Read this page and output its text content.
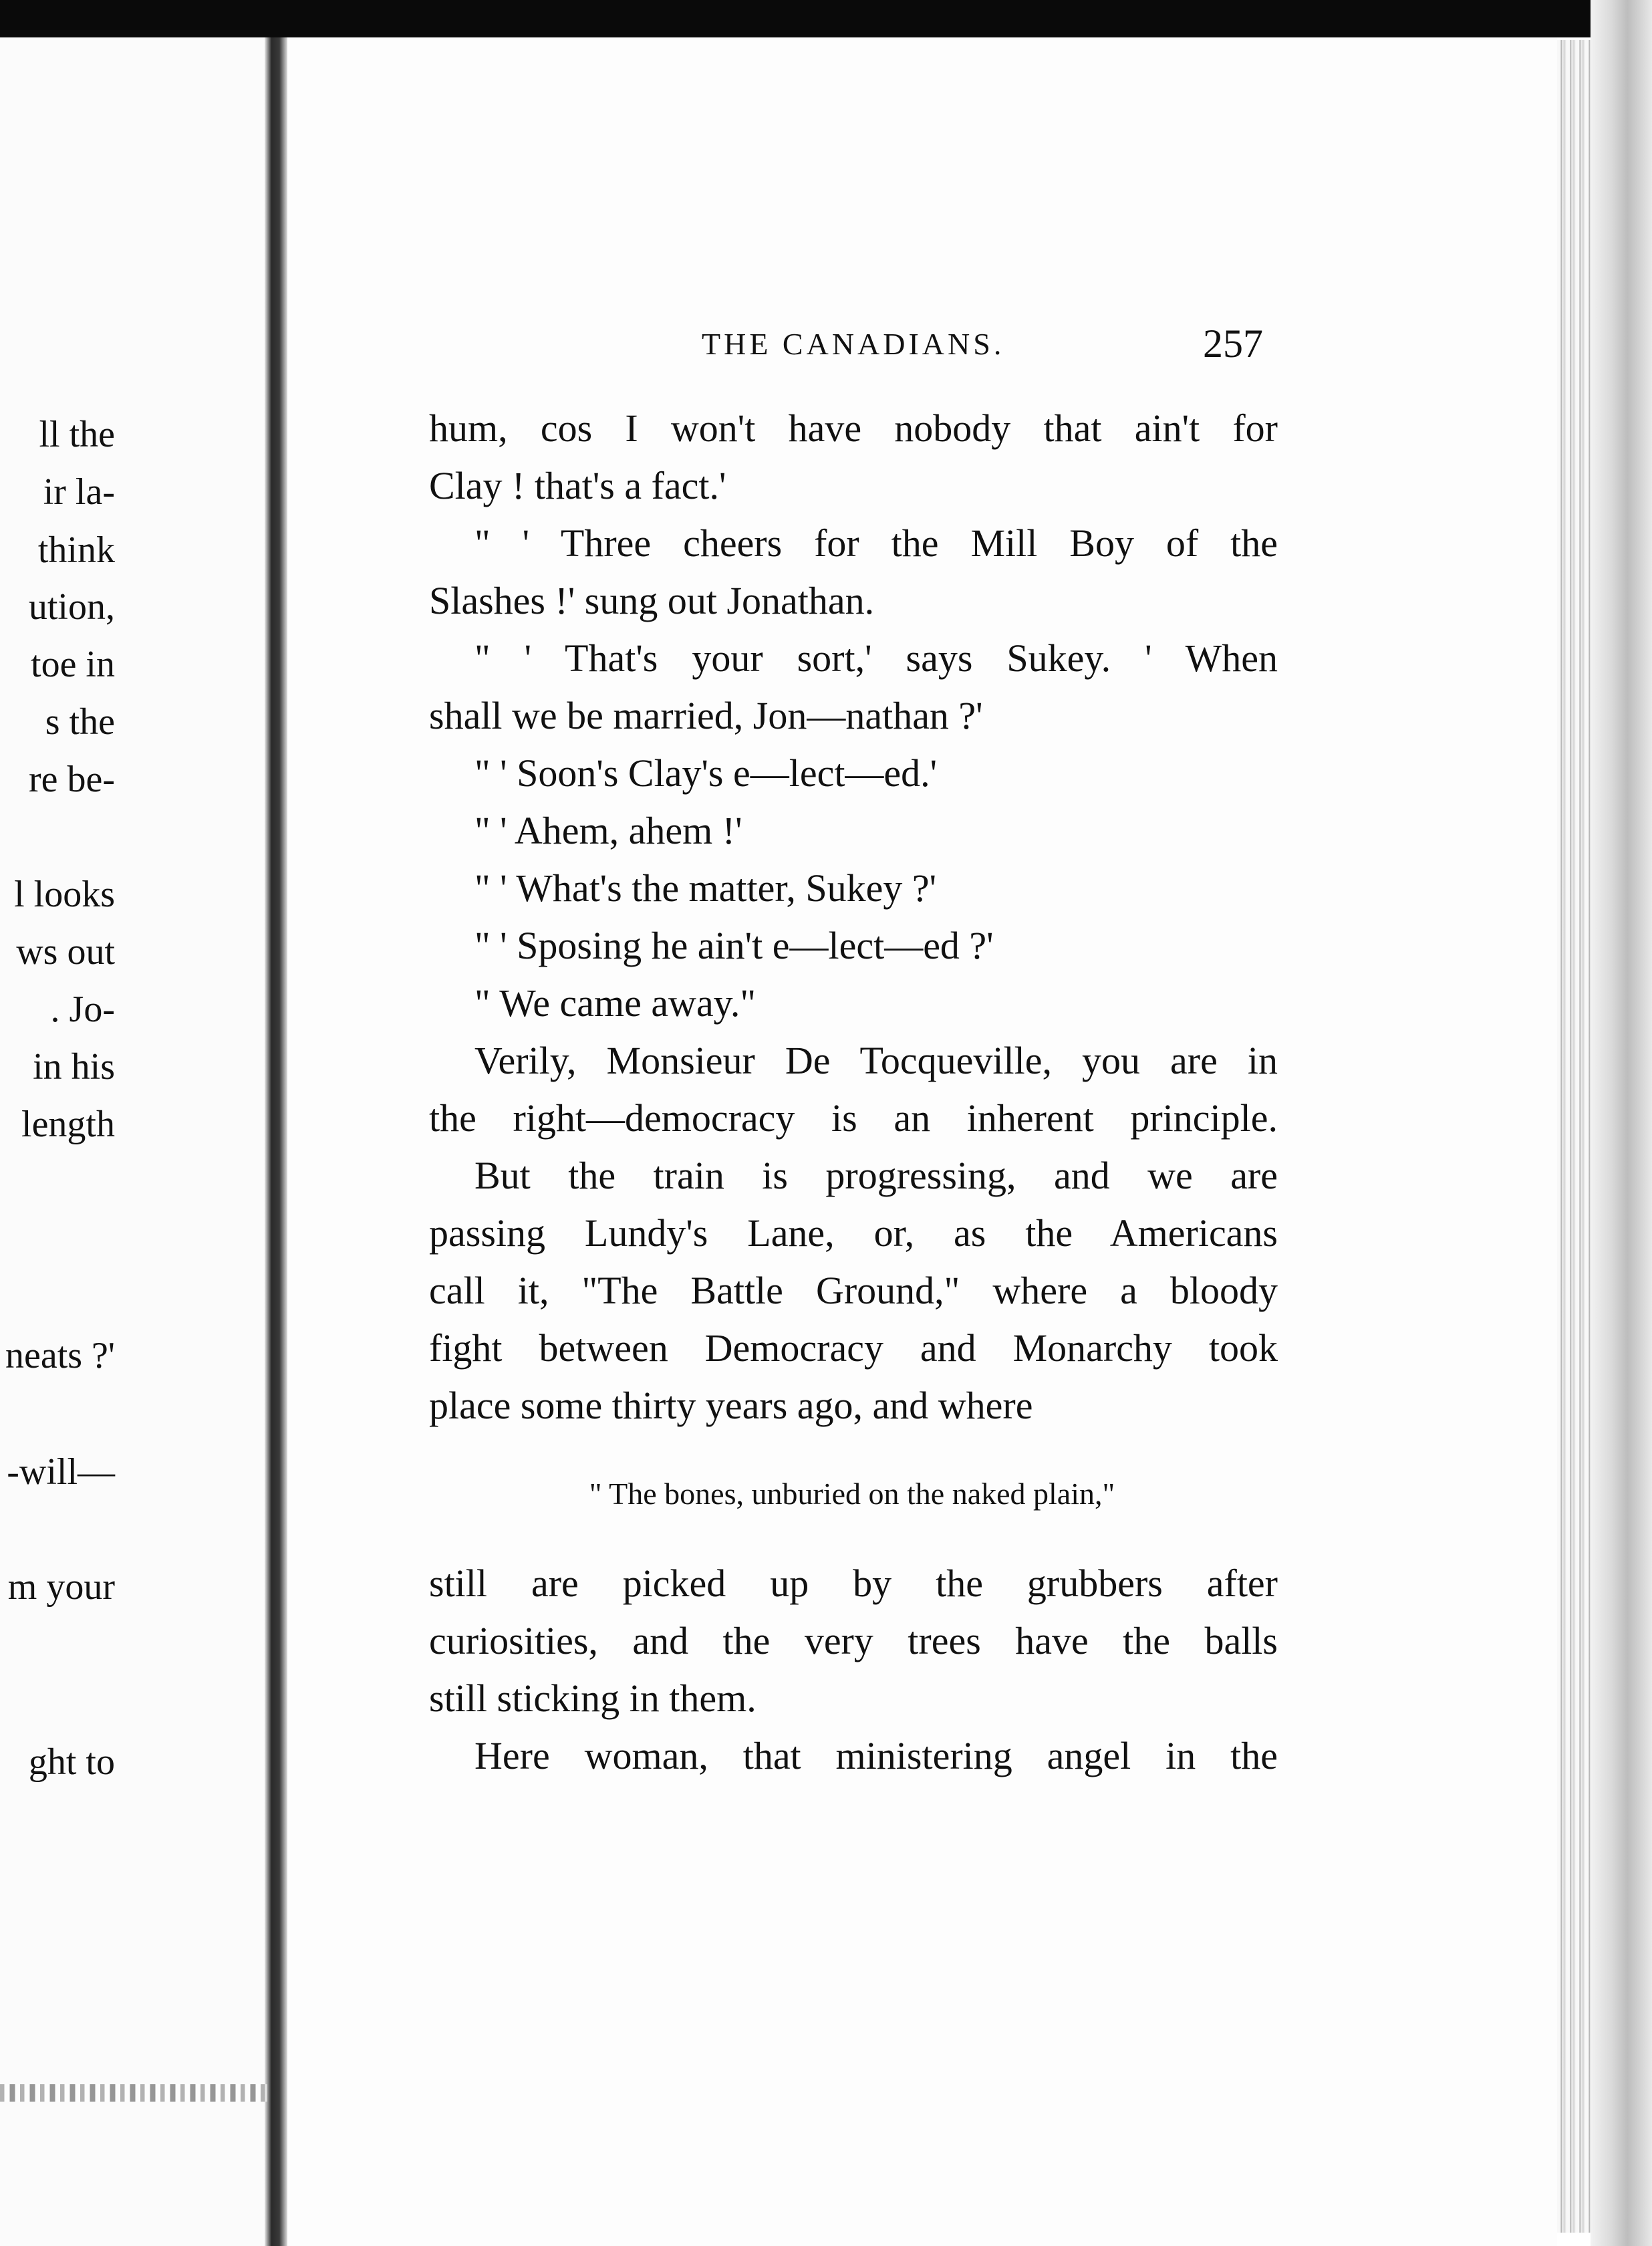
ll the
ir la-
think
ution,
toe in
s the
re be-
l looks
ws out
. Jo-
in his
length
neats ?'
-will—
m your
ght to
THE CANADIANS.	257
hum, cos I won't have nobody that ain't for
Clay ! that's a fact.'
" ' Three cheers for the Mill Boy of the
Slashes !' sung out Jonathan.
" ' That's your sort,' says Sukey. ' When
shall we be married, Jon—nathan ?'
" ' Soon's Clay's e—lect—ed.'
" ' Ahem, ahem !'
" ' What's the matter, Sukey ?'
" ' Sposing he ain't e—lect—ed ?'
" We came away."
Verily, Monsieur De Tocqueville, you are in
the right—democracy is an inherent principle.
But the train is progressing, and we are
passing Lundy's Lane, or, as the Americans
call it, "The Battle Ground," where a bloody
fight between Democracy and Monarchy took
place some thirty years ago, and where
" The bones, unburied on the naked plain,"
still are picked up by the grubbers after
curiosities, and the very trees have the balls
still sticking in them.
Here woman, that ministering angel in the
